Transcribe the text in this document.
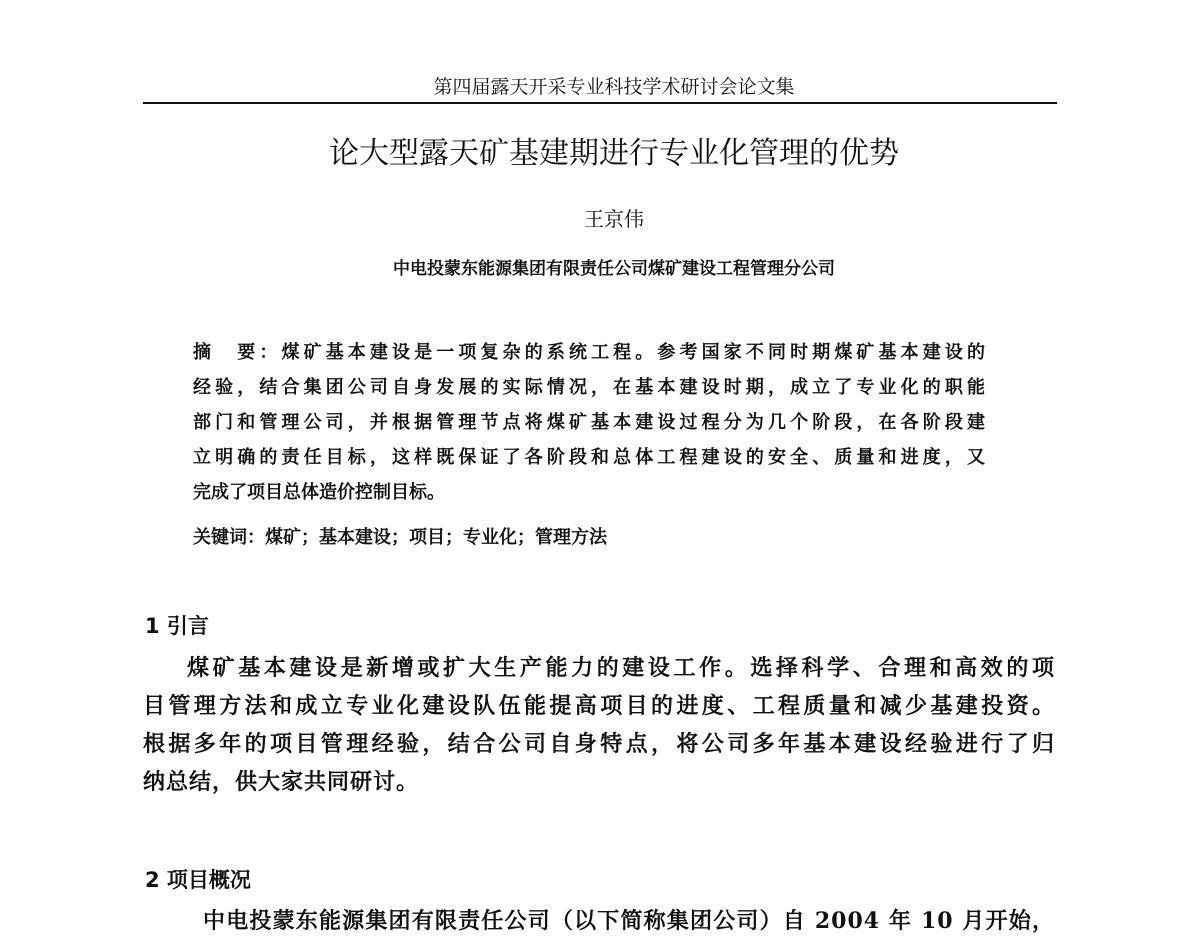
第四届露天开采专业科技学术研讨会论文集
论大型露天矿基建期进行专业化管理的优势
王京伟
中电投蒙东能源集团有限责任公司煤矿建设工程管理分公司
摘　要：煤矿基本建设是一项复杂的系统工程。参考国家不同时期煤矿基本建设的
经验，结合集团公司自身发展的实际情况，在基本建设时期，成立了专业化的职能
部门和管理公司，并根据管理节点将煤矿基本建设过程分为几个阶段，在各阶段建
立明确的责任目标，这样既保证了各阶段和总体工程建设的安全、质量和进度，又
完成了项目总体造价控制目标。
关键词：煤矿；基本建设；项目；专业化；管理方法
1 引言
煤矿基本建设是新增或扩大生产能力的建设工作。选择科学、合理和高效的项
目管理方法和成立专业化建设队伍能提高项目的进度、工程质量和减少基建投资。
根据多年的项目管理经验，结合公司自身特点，将公司多年基本建设经验进行了归
纳总结，供大家共同研讨。
2 项目概况
中电投蒙东能源集团有限责任公司（以下简称集团公司）自 2004 年 10 月开始，
